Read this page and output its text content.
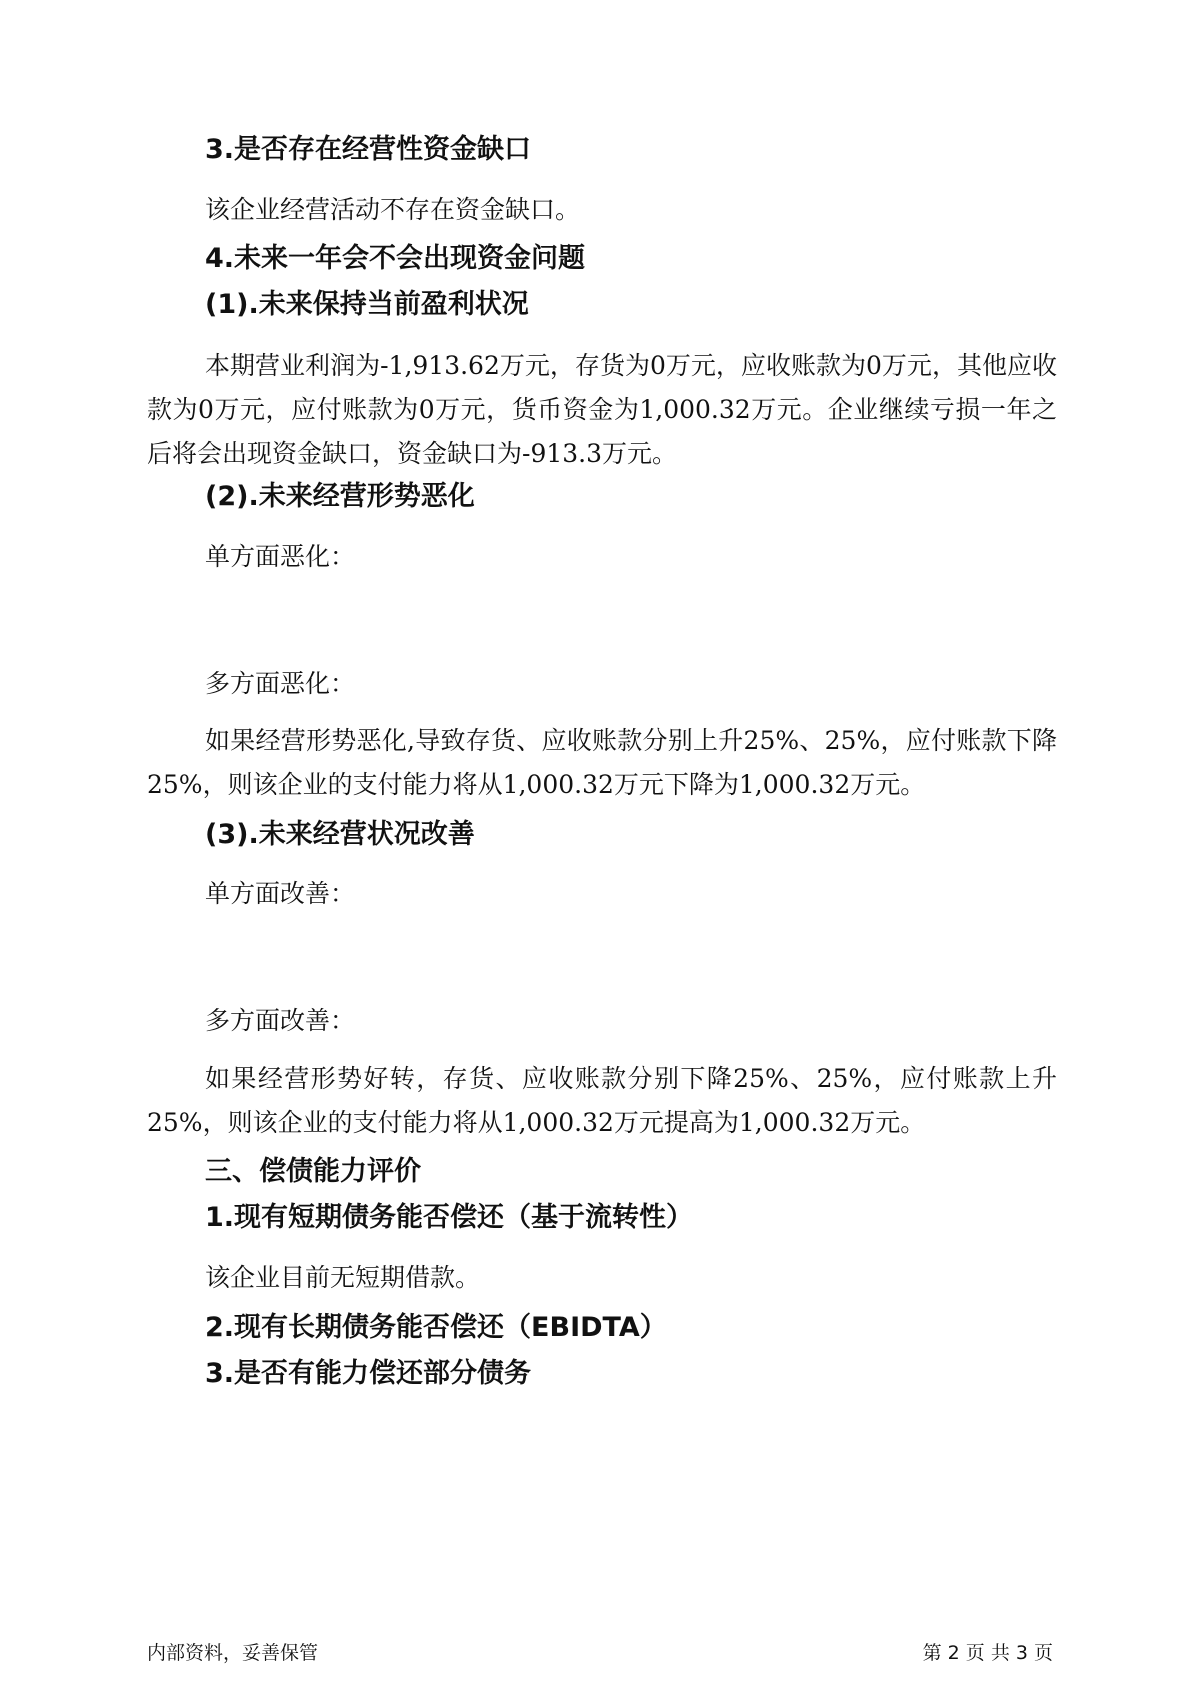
3.是否存在经营性资金缺口
该企业经营活动不存在资金缺口。
4.未来一年会不会出现资金问题
(1).未来保持当前盈利状况
本期营业利润为-1,913.62万元，存货为0万元，应收账款为0万元，其他应收款为0万元，应付账款为0万元，货币资金为1,000.32万元。企业继续亏损一年之后将会出现资金缺口，资金缺口为-913.3万元。
(2).未来经营形势恶化
单方面恶化：
多方面恶化：
如果经营形势恶化,导致存货、应收账款分别上升25%、25%，应付账款下降25%，则该企业的支付能力将从1,000.32万元下降为1,000.32万元。
(3).未来经营状况改善
单方面改善：
多方面改善：
如果经营形势好转，存货、应收账款分别下降25%、25%，应付账款上升25%，则该企业的支付能力将从1,000.32万元提高为1,000.32万元。
三、偿债能力评价
1.现有短期债务能否偿还（基于流转性）
该企业目前无短期借款。
2.现有长期债务能否偿还（EBIDTA）
3.是否有能力偿还部分债务
内部资料，妥善保管	第 2 页 共 3 页
